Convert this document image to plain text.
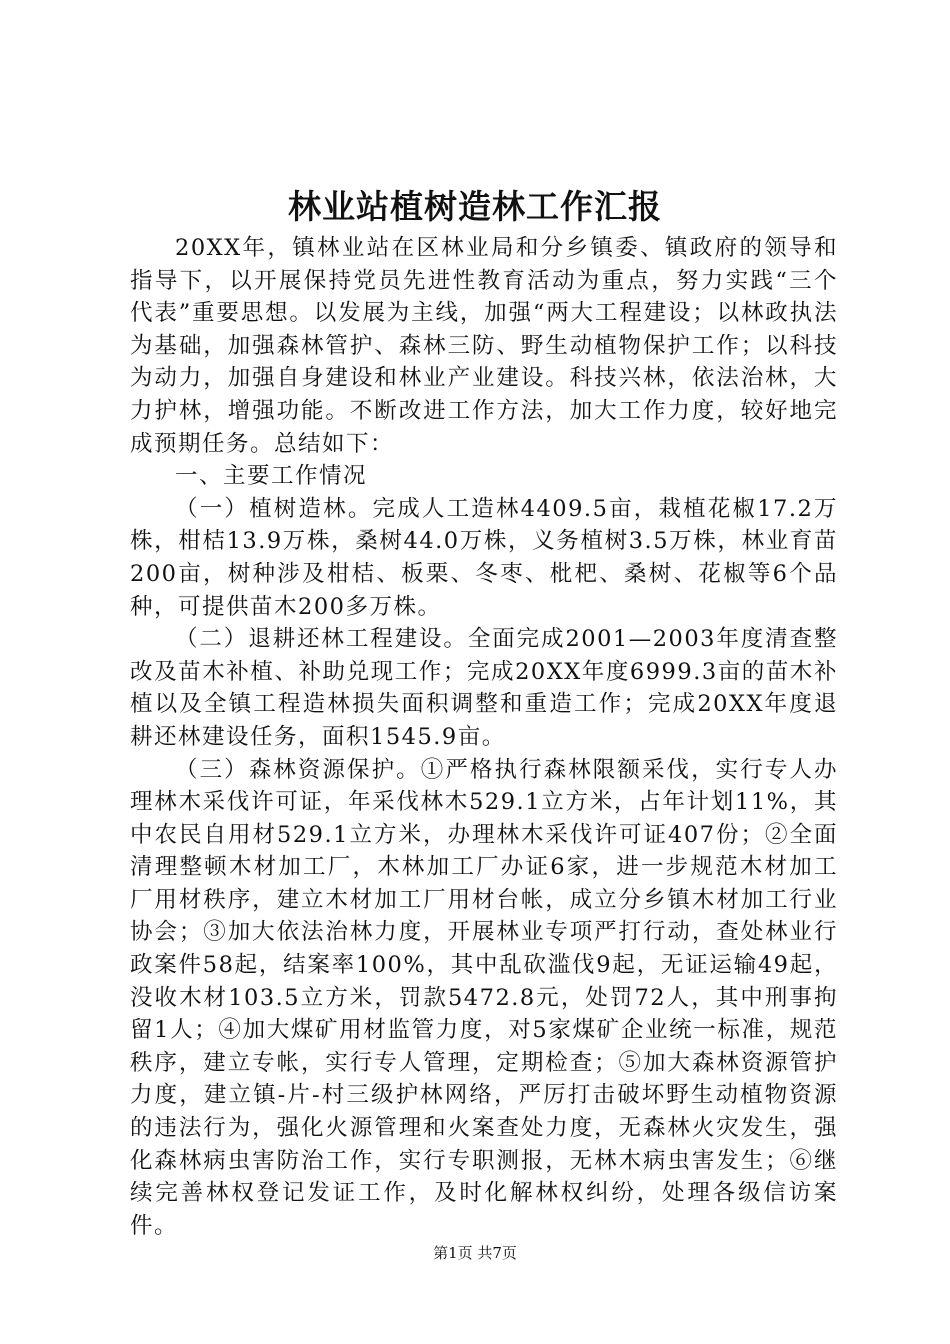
林业站植树造林工作汇报

20XX年，镇林业站在区林业局和分乡镇委、镇政府的领导和指导下，以开展保持党员先进性教育活动为重点，努力实践“三个代表”重要思想。以发展为主线，加强“两大工程建设；以林政执法为基础，加强森林管护、森林三防、野生动植物保护工作；以科技为动力，加强自身建设和林业产业建设。科技兴林，依法治林，大力护林，增强功能。不断改进工作方法，加大工作力度，较好地完成预期任务。总结如下：

一、主要工作情况

（一）植树造林。完成人工造林4409.5亩，栽植花椒17.2万株，柑桔13.9万株，桑树44.0万株，义务植树3.5万株，林业育苗200亩，树种涉及柑桔、板栗、冬枣、枇杷、桑树、花椒等6个品种，可提供苗木200多万株。

（二）退耕还林工程建设。全面完成2001—2003年度清查整改及苗木补植、补助兑现工作；完成20XX年度6999.3亩的苗木补植以及全镇工程造林损失面积调整和重造工作；完成20XX年度退耕还林建设任务，面积1545.9亩。

（三）森林资源保护。①严格执行森林限额采伐，实行专人办理林木采伐许可证，年采伐林木529.1立方米，占年计划11%，其中农民自用材529.1立方米，办理林木采伐许可证407份；②全面清理整顿木材加工厂，木林加工厂办证6家，进一步规范木材加工厂用材秩序，建立木材加工厂用材台帐，成立分乡镇木材加工行业协会；③加大依法治林力度，开展林业专项严打行动，查处林业行政案件58起，结案率100%，其中乱砍滥伐9起，无证运输49起，没收木材103.5立方米，罚款5472.8元，处罚72人，其中刑事拘留1人；④加大煤矿用材监管力度，对5家煤矿企业统一标准，规范秩序，建立专帐，实行专人管理，定期检查；⑤加大森林资源管护力度，建立镇-片-村三级护林网络，严厉打击破坏野生动植物资源的违法行为，强化火源管理和火案查处力度，无森林火灾发生，强化森林病虫害防治工作，实行专职测报，无林木病虫害发生；⑥继续完善林权登记发证工作，及时化解林权纠纷，处理各级信访案件。

第1页 共7页
